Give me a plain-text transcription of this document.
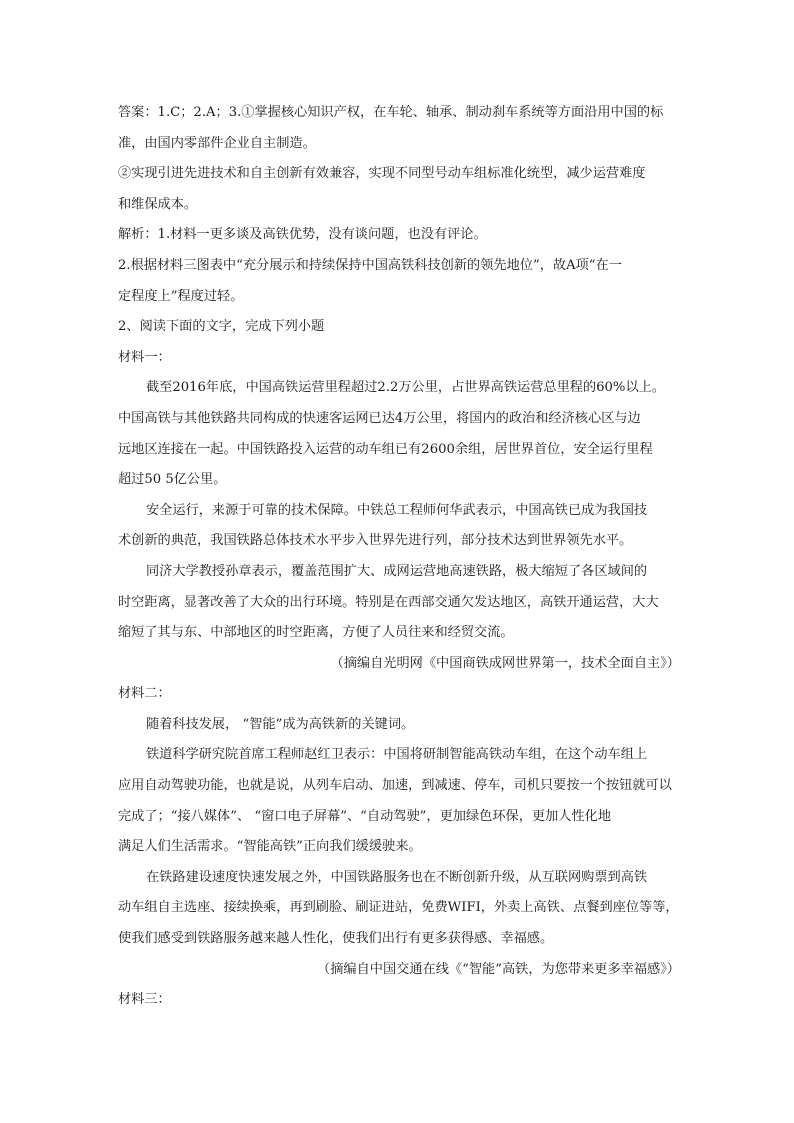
答案：1.C；2.A；3.①掌握核心知识产权，在车轮、轴承、制动刹车系统等方面沿用中国的标

准，由国内零部件企业自主制造。

②实现引进先进技术和自主创新有效兼容，实现不同型号动车组标准化统型，减少运营难度

和维保成本。

解析：1.材料一更多谈及高铁优势，没有谈问题，也没有评论。

2.根据材料三图表中“充分展示和持续保持中国高铁科技创新的领先地位”，故A项“在一

定程度上”程度过轻。

2、阅读下面的文字，完成下列小题

材料一：

截至2016年底，中国高铁运营里程超过2.2万公里，占世界高铁运营总里程的60%以上。

中国高铁与其他铁路共同构成的快速客运网已达4万公里，将国内的政治和经济核心区与边

远地区连接在一起。中国铁路投入运营的动车组已有2600余组，居世界首位，安全运行里程

超过50 5亿公里。

安全运行，来源于可靠的技术保障。中铁总工程师何华武表示，中国高铁已成为我国技

术创新的典范，我国铁路总体技术水平步入世界先进行列，部分技术达到世界领先水平。

同济大学教授孙章表示，覆盖范围扩大、成网运营地高速铁路，极大缩短了各区域间的

时空距离，显著改善了大众的出行环境。特别是在西部交通欠发达地区，高铁开通运营，大大

缩短了其与东、中部地区的时空距离，方便了人员往来和经贸交流。

（摘编自光明网《中国商铁成网世界第一，技术全面自主》）

材料二：

随着科技发展， “智能”成为高铁新的关键词。

铁道科学研究院首席工程师赵红卫表示：中国将研制智能高铁动车组，在这个动车组上

应用自动驾驶功能，也就是说，从列车启动、加速，到减速、停车，司机只要按一个按钮就可以

完成了；“接八媒体”、 “窗口电子屏幕”、“自动驾驶”，更加绿色环保，更加人性化地

满足人们生活需求。“智能高铁”正向我们缓缓驶来。

在铁路建设速度快速发展之外，中国铁路服务也在不断创新升级，从互联网购票到高铁

动车组自主选座、接续换乘，再到刷脸、刷证进站，免费WIFI，外卖上高铁、点餐到座位等等，

使我们感受到铁路服务越来越人性化，使我们出行有更多获得感、幸福感。

（摘编自中国交通在线《“智能”高铁，为您带来更多幸福感》）

材料三：
